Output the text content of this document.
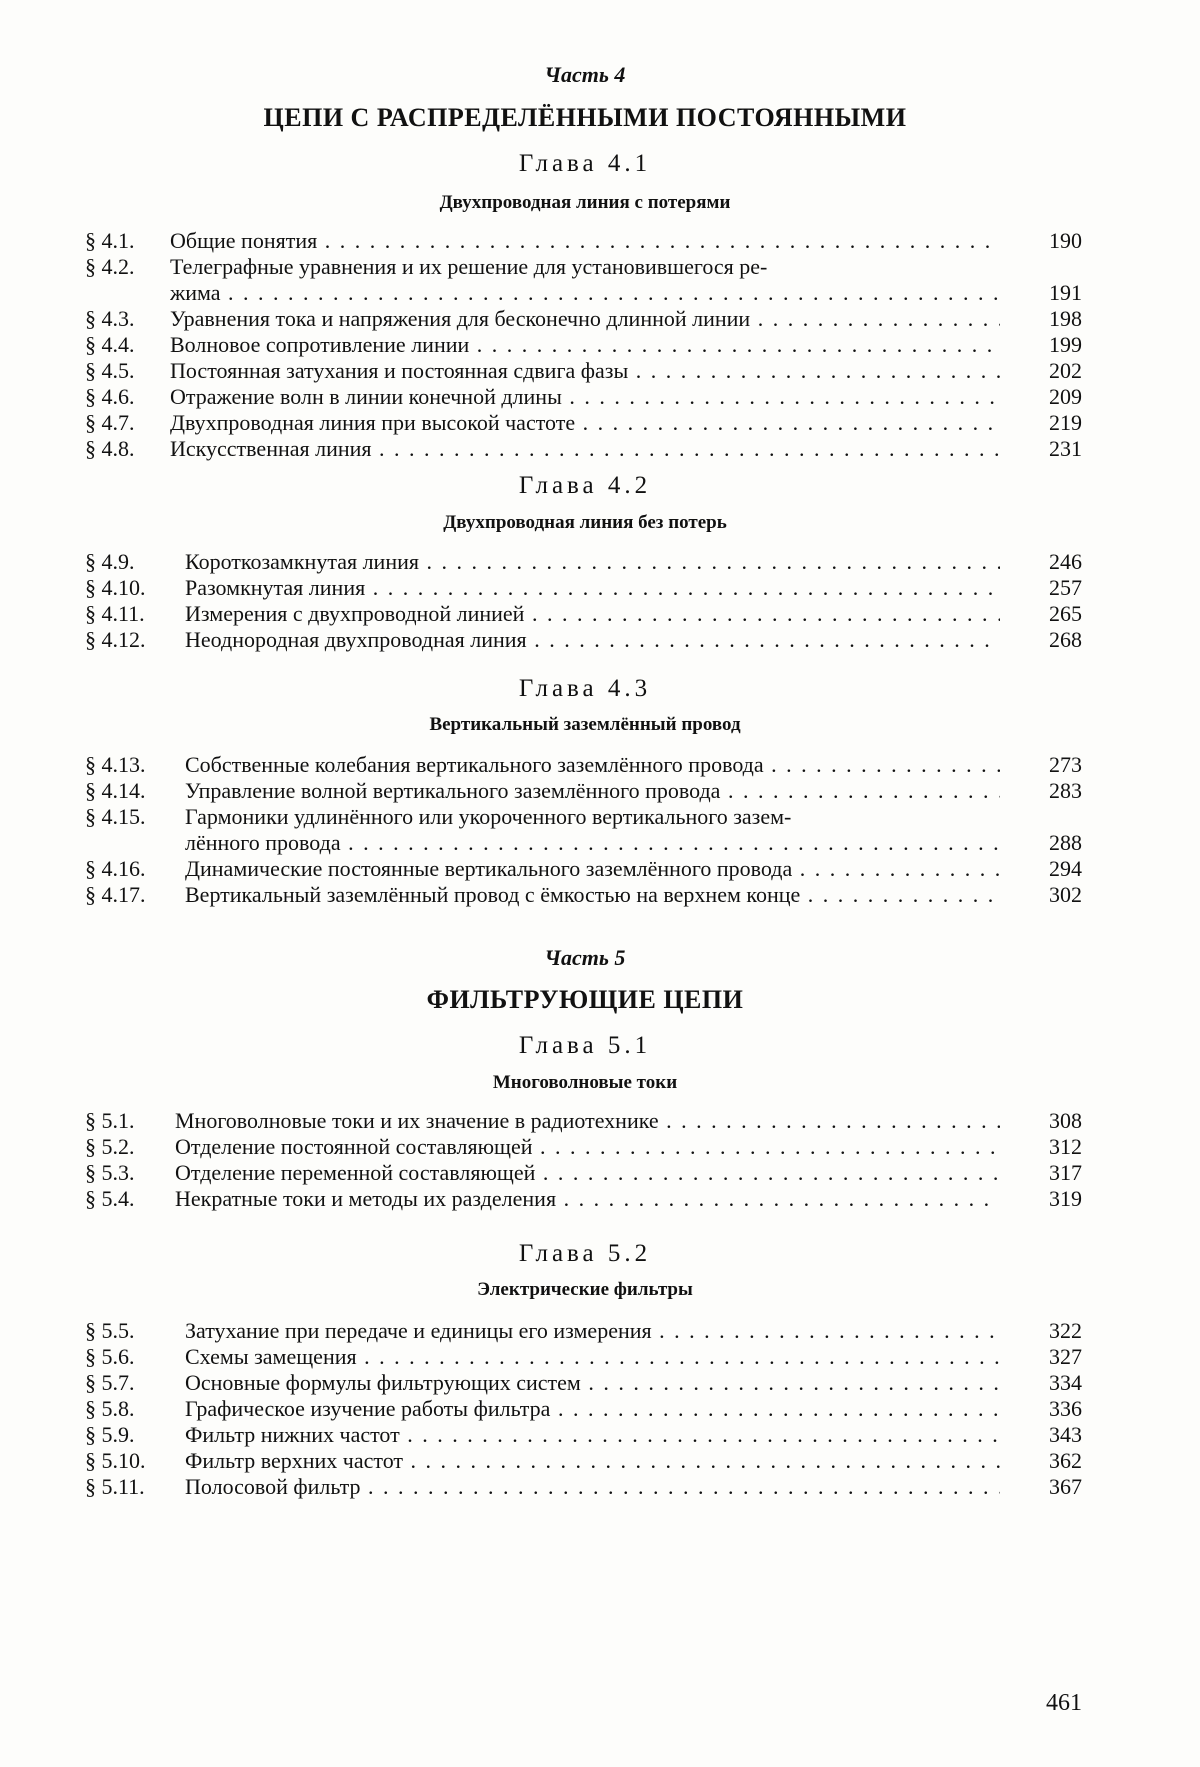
Часть 4
ЦЕПИ С РАСПРЕДЕЛЁННЫМИ ПОСТОЯННЫМИ
Глава 4.1
Двухпроводная линия с потерями
§ 4.1. Общие понятия . . .	190
§ 4.2. Телеграфные уравнения и их решение для установившегося ре-
жима . . .	191
§ 4.3. Уравнения тока и напряжения для бесконечно длинной линии . . .	198
§ 4.4. Волновое сопротивление линии . . .	199
§ 4.5. Постоянная затухания и постоянная сдвига фазы . . .	202
§ 4.6. Отражение волн в линии конечной длины . . .	209
§ 4.7. Двухпроводная линия при высокой частоте . . .	219
§ 4.8. Искусственная линия . . .	231
Глава 4.2
Двухпроводная линия без потерь
§ 4.9. Короткозамкнутая линия . . .	246
§ 4.10. Разомкнутая линия . . .	257
§ 4.11. Измерения с двухпроводной линией . . .	265
§ 4.12. Неоднородная двухпроводная линия . . .	268
Глава 4.3
Вертикальный заземлённый провод
§ 4.13. Собственные колебания вертикального заземлённого провода . . .	273
§ 4.14. Управление волной вертикального заземлённого провода . . .	283
§ 4.15. Гармоники удлинённого или укороченного вертикального зазем-
лённого провода . . .	288
§ 4.16. Динамические постоянные вертикального заземлённого провода . . .	294
§ 4.17. Вертикальный заземлённый провод с ёмкостью на верхнем конце . . .	302
Часть 5
ФИЛЬТРУЮЩИЕ ЦЕПИ
Глава 5.1
Многоволновые токи
§ 5.1. Многоволновые токи и их значение в радиотехнике . . .	308
§ 5.2. Отделение постоянной составляющей . . .	312
§ 5.3. Отделение переменной составляющей . . .	317
§ 5.4. Некратные токи и методы их разделения . . .	319
Глава 5.2
Электрические фильтры
§ 5.5. Затухание при передаче и единицы его измерения . . .	322
§ 5.6. Схемы замещения . . .	327
§ 5.7. Основные формулы фильтрующих систем . . .	334
§ 5.8. Графическое изучение работы фильтра . . .	336
§ 5.9. Фильтр нижних частот . . .	343
§ 5.10. Фильтр верхних частот . . .	362
§ 5.11. Полосовой фильтр . . .	367
461
